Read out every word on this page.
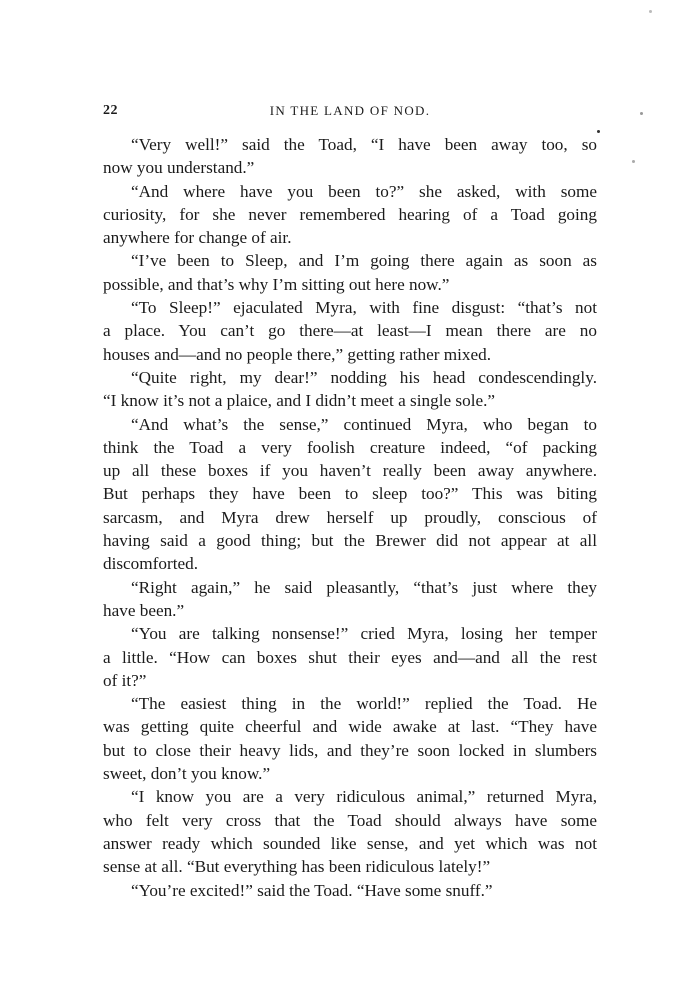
22	IN THE LAND OF NOD.
“Very well!” said the Toad, “I have been away too, so
now you understand.”
“And where have you been to?” she asked, with some
curiosity, for she never remembered hearing of a Toad going
anywhere for change of air.
“I’ve been to Sleep, and I’m going there again as soon as
possible, and that’s why I’m sitting out here now.”
“To Sleep!” ejaculated Myra, with fine disgust: “that’s not
a place. You can’t go there—at least—I mean there are no
houses and—and no people there,” getting rather mixed.
“Quite right, my dear!” nodding his head condescendingly.
“I know it’s not a plaice, and I didn’t meet a single sole.”
“And what’s the sense,” continued Myra, who began to
think the Toad a very foolish creature indeed, “of packing
up all these boxes if you haven’t really been away anywhere.
But perhaps they have been to sleep too?” This was biting
sarcasm, and Myra drew herself up proudly, conscious of
having said a good thing; but the Brewer did not appear at all
discomforted.
“Right again,” he said pleasantly, “that’s just where they
have been.”
“You are talking nonsense!” cried Myra, losing her temper
a little. “How can boxes shut their eyes and—and all the rest
of it?”
“The easiest thing in the world!” replied the Toad. He
was getting quite cheerful and wide awake at last. “They have
but to close their heavy lids, and they’re soon locked in slumbers
sweet, don’t you know.”
“I know you are a very ridiculous animal,” returned Myra,
who felt very cross that the Toad should always have some
answer ready which sounded like sense, and yet which was not
sense at all. “But everything has been ridiculous lately!”
“You’re excited!” said the Toad. “Have some snuff.”
